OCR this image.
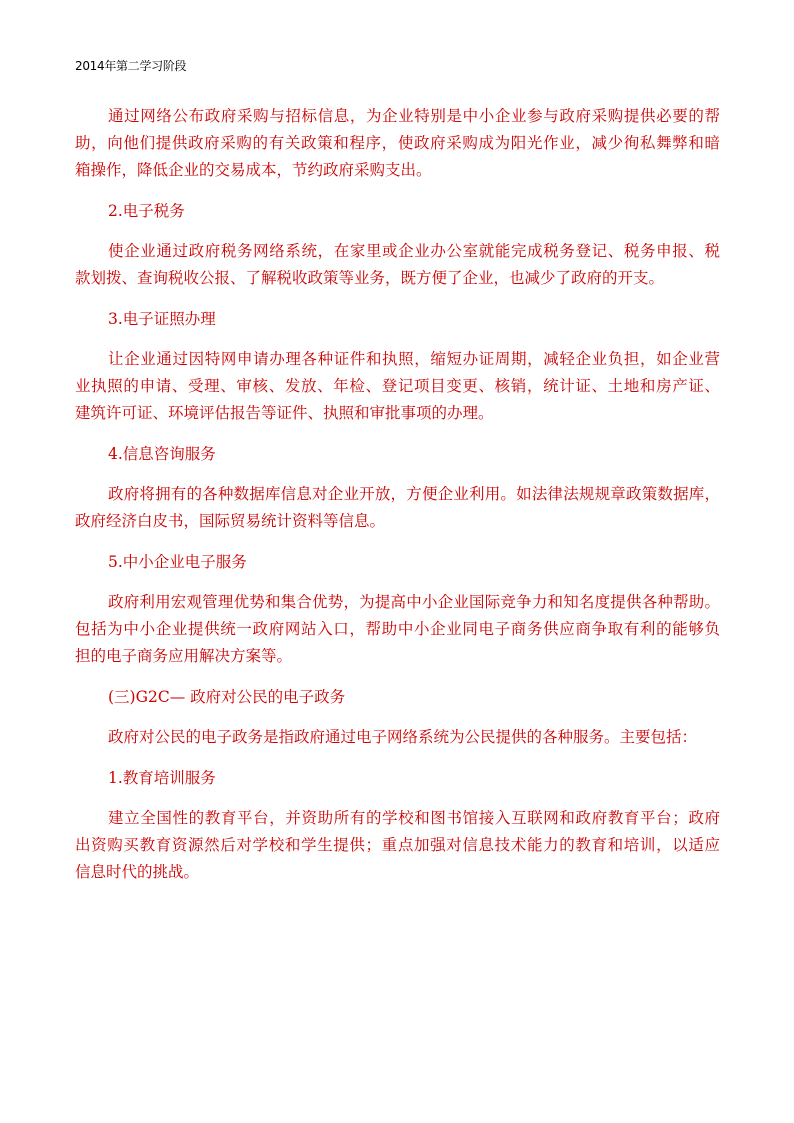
2014年第二学习阶段
通过网络公布政府采购与招标信息，为企业特别是中小企业参与政府采购提供必要的帮
助，向他们提供政府采购的有关政策和程序，使政府采购成为阳光作业，减少徇私舞弊和暗
箱操作，降低企业的交易成本，节约政府采购支出。
2.电子税务
使企业通过政府税务网络系统，在家里或企业办公室就能完成税务登记、税务申报、税
款划拨、查询税收公报、了解税收政策等业务，既方便了企业，也减少了政府的开支。
3.电子证照办理
让企业通过因特网申请办理各种证件和执照，缩短办证周期，减轻企业负担，如企业营
业执照的申请、受理、审核、发放、年检、登记项目变更、核销，统计证、土地和房产证、
建筑许可证、环境评估报告等证件、执照和审批事项的办理。
4.信息咨询服务
政府将拥有的各种数据库信息对企业开放，方便企业利用。如法律法规规章政策数据库，
政府经济白皮书，国际贸易统计资料等信息。
5.中小企业电子服务
政府利用宏观管理优势和集合优势，为提高中小企业国际竞争力和知名度提供各种帮助。
包括为中小企业提供统一政府网站入口，帮助中小企业同电子商务供应商争取有利的能够负
担的电子商务应用解决方案等。
(三)G2C— 政府对公民的电子政务
政府对公民的电子政务是指政府通过电子网络系统为公民提供的各种服务。主要包括：
1.教育培训服务
建立全国性的教育平台，并资助所有的学校和图书馆接入互联网和政府教育平台；政府
出资购买教育资源然后对学校和学生提供；重点加强对信息技术能力的教育和培训，以适应
信息时代的挑战。
